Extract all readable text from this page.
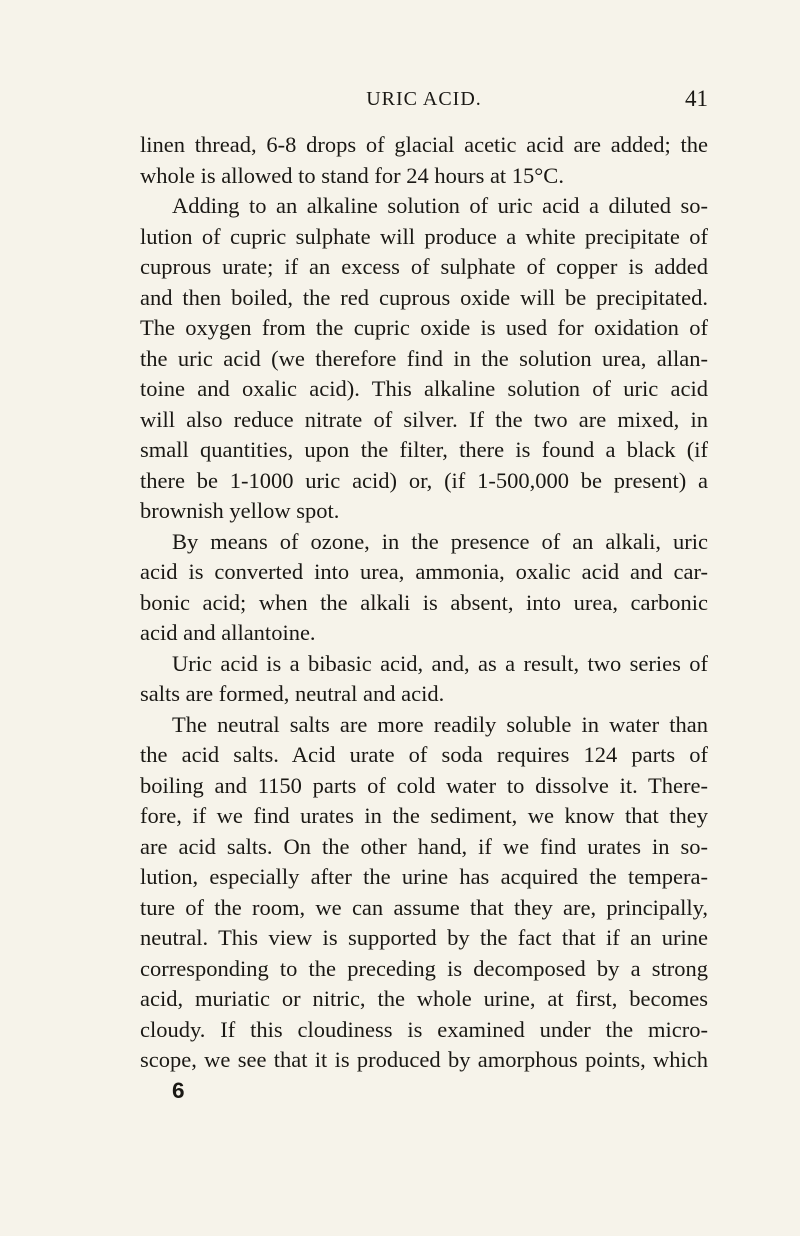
URIC ACID.	41
linen thread, 6-8 drops of glacial acetic acid are added; the
whole is allowed to stand for 24 hours at 15°C.
Adding to an alkaline solution of uric acid a diluted so-
lution of cupric sulphate will produce a white precipitate of
cuprous urate; if an excess of sulphate of copper is added
and then boiled, the red cuprous oxide will be precipitated.
The oxygen from the cupric oxide is used for oxidation of
the uric acid (we therefore find in the solution urea, allan-
toine and oxalic acid). This alkaline solution of uric acid
will also reduce nitrate of silver. If the two are mixed, in
small quantities, upon the filter, there is found a black (if
there be 1-1000 uric acid) or, (if 1-500,000 be present) a
brownish yellow spot.
By means of ozone, in the presence of an alkali, uric
acid is converted into urea, ammonia, oxalic acid and car-
bonic acid; when the alkali is absent, into urea, carbonic
acid and allantoine.
Uric acid is a bibasic acid, and, as a result, two series of
salts are formed, neutral and acid.
The neutral salts are more readily soluble in water than
the acid salts. Acid urate of soda requires 124 parts of
boiling and 1150 parts of cold water to dissolve it. There-
fore, if we find urates in the sediment, we know that they
are acid salts. On the other hand, if we find urates in so-
lution, especially after the urine has acquired the tempera-
ture of the room, we can assume that they are, principally,
neutral. This view is supported by the fact that if an urine
corresponding to the preceding is decomposed by a strong
acid, muriatic or nitric, the whole urine, at first, becomes
cloudy. If this cloudiness is examined under the micro-
scope, we see that it is produced by amorphous points, which
6
